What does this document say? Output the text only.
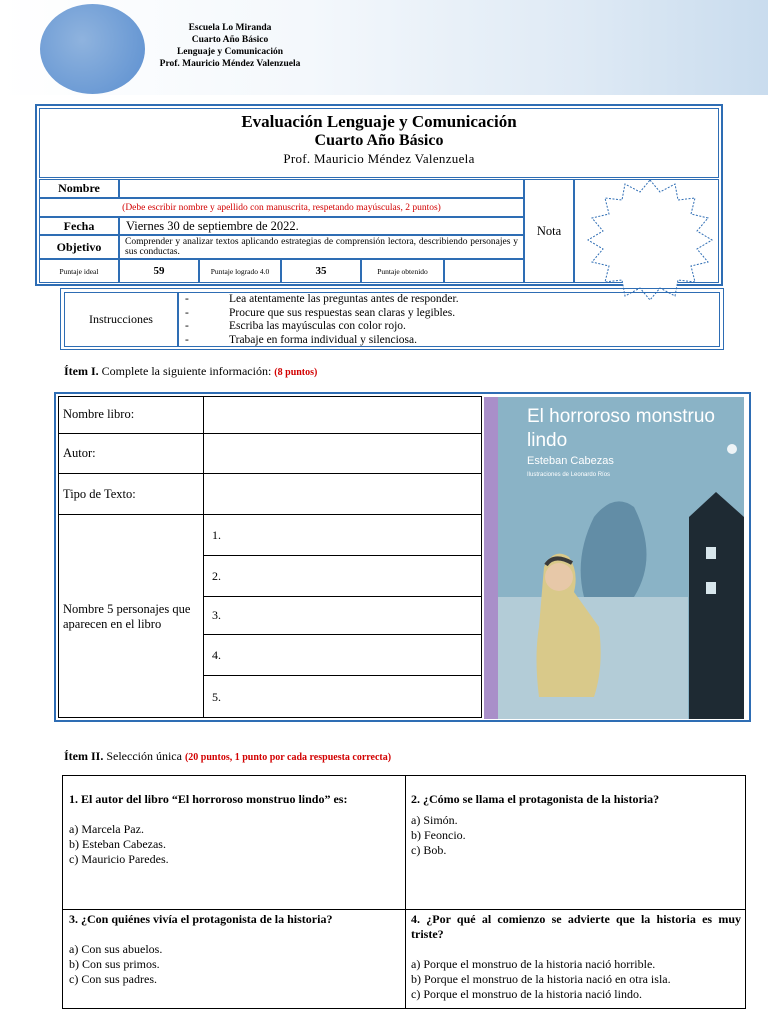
Escuela Lo Miranda
Cuarto Año Básico
Lenguaje y Comunicación
Prof. Mauricio Méndez Valenzuela
Evaluación Lenguaje y Comunicación
Cuarto Año Básico
Prof. Mauricio Méndez Valenzuela
Nombre
(Debe escribir nombre y apellido con manuscrita, respetando mayúsculas, 2 puntos)
Fecha	Viernes 30 de septiembre de 2022.
Objetivo	Comprender y analizar textos aplicando estrategias de comprensión lectora, describiendo personajes y sus conductas.
Puntaje ideal	59	Puntaje logrado 4.0	35	Puntaje obtenido
Nota
Instrucciones
-	Lea atentamente las preguntas antes de responder.
-	Procure que sus respuestas sean claras y legibles.
-	Escriba las mayúsculas con color rojo.
-	Trabaje en forma individual y silenciosa.
Ítem I. Complete la siguiente información: (8 puntos)
Nombre libro:
Autor:
Tipo de Texto:
Nombre 5 personajes que aparecen en el libro
1.
2.
3.
4.
5.
El horroroso monstruo lindo
Esteban Cabezas
Ilustraciones de Leonardo Ríos
Ítem II. Selección única (20 puntos, 1 punto por cada respuesta correcta)
1. El autor del libro “El horroroso monstruo lindo” es:
a) Marcela Paz.
b) Esteban Cabezas.
c) Mauricio Paredes.
2. ¿Cómo se llama el protagonista de la historia?
a) Simón.
b) Feoncio.
c) Bob.
3. ¿Con quiénes vivía el protagonista de la historia?
a) Con sus abuelos.
b) Con sus primos.
c) Con sus padres.
4. ¿Por qué al comienzo se advierte que la historia es muy triste?
a) Porque el monstruo de la historia nació horrible.
b) Porque el monstruo de la historia nació en otra isla.
c) Porque el monstruo de la historia nació lindo.
